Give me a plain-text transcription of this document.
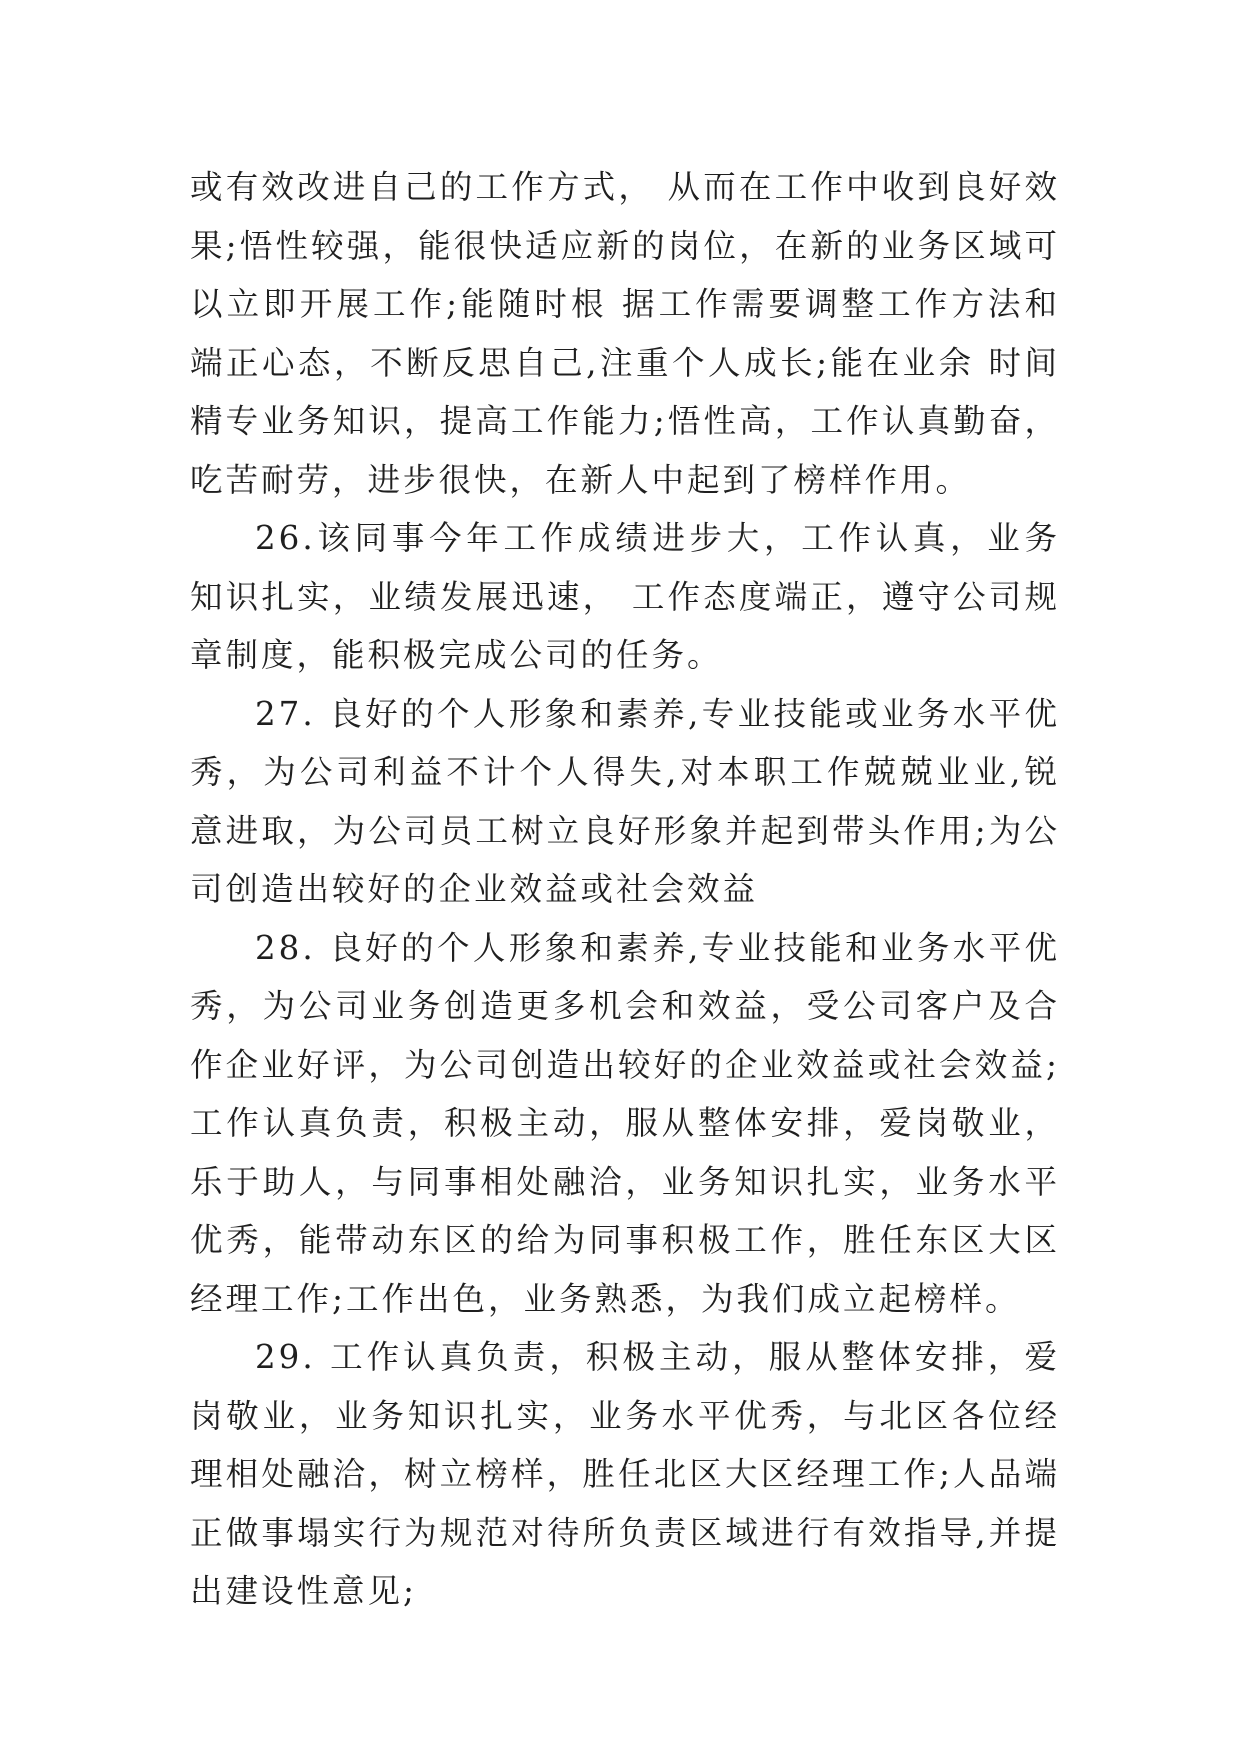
或有效改进自己的工作方式， 从而在工作中收到良好效果;悟性较强，能很快适应新的岗位，在新的业务区域可以立即开展工作;能随时根 据工作需要调整工作方法和端正心态，不断反思自己,注重个人成长;能在业余 时间精专业务知识，提高工作能力;悟性高，工作认真勤奋，吃苦耐劳，进步很快，在新人中起到了榜样作用。

26.该同事今年工作成绩进步大，工作认真，业务知识扎实，业绩发展迅速， 工作态度端正，遵守公司规章制度，能积极完成公司的任务。

27. 良好的个人形象和素养,专业技能或业务水平优秀，为公司利益不计个人得失,对本职工作兢兢业业,锐意进取，为公司员工树立良好形象并起到带头作用;为公司创造出较好的企业效益或社会效益

28. 良好的个人形象和素养,专业技能和业务水平优秀，为公司业务创造更多机会和效益，受公司客户及合作企业好评，为公司创造出较好的企业效益或社会效益;工作认真负责，积极主动，服从整体安排，爱岗敬业，乐于助人，与同事相处融洽，业务知识扎实，业务水平优秀，能带动东区的给为同事积极工作，胜任东区大区经理工作;工作出色，业务熟悉，为我们成立起榜样。

29. 工作认真负责，积极主动，服从整体安排，爱岗敬业，业务知识扎实，业务水平优秀，与北区各位经理相处融洽，树立榜样，胜任北区大区经理工作;人品端正做事塌实行为规范对待所负责区域进行有效指导,并提出建设性意见;
